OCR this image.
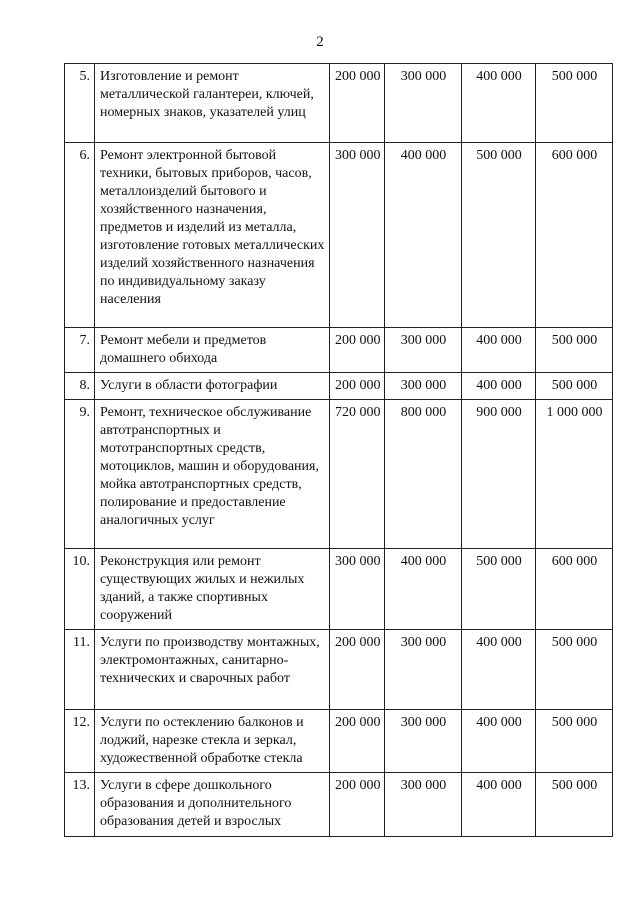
2
5.	Изготовление и ремонт металлической галантереи, ключей, номерных знаков, указателей улиц	200 000	300 000	400 000	500 000
6.	Ремонт электронной бытовой техники, бытовых приборов, часов, металлоизделий бытового и хозяйственного назначения, предметов и изделий из металла, изготовление готовых металлических изделий хозяйственного назначения по индивидуальному заказу населения	300 000	400 000	500 000	600 000
7.	Ремонт мебели и предметов домашнего обихода	200 000	300 000	400 000	500 000
8.	Услуги в области фотографии	200 000	300 000	400 000	500 000
9.	Ремонт, техническое обслуживание автотранспортных и мототранспортных средств, мотоциклов, машин и оборудования, мойка автотранспортных средств, полирование и предоставление аналогичных услуг	720 000	800 000	900 000	1 000 000
10.	Реконструкция или ремонт существующих жилых и нежилых зданий, а также спортивных сооружений	300 000	400 000	500 000	600 000
11.	Услуги по производству монтажных, электромонтажных, санитарно-технических и сварочных работ	200 000	300 000	400 000	500 000
12.	Услуги по остеклению балконов и лоджий, нарезке стекла и зеркал, художественной обработке стекла	200 000	300 000	400 000	500 000
13.	Услуги в сфере дошкольного образования и дополнительного образования детей и взрослых	200 000	300 000	400 000	500 000
